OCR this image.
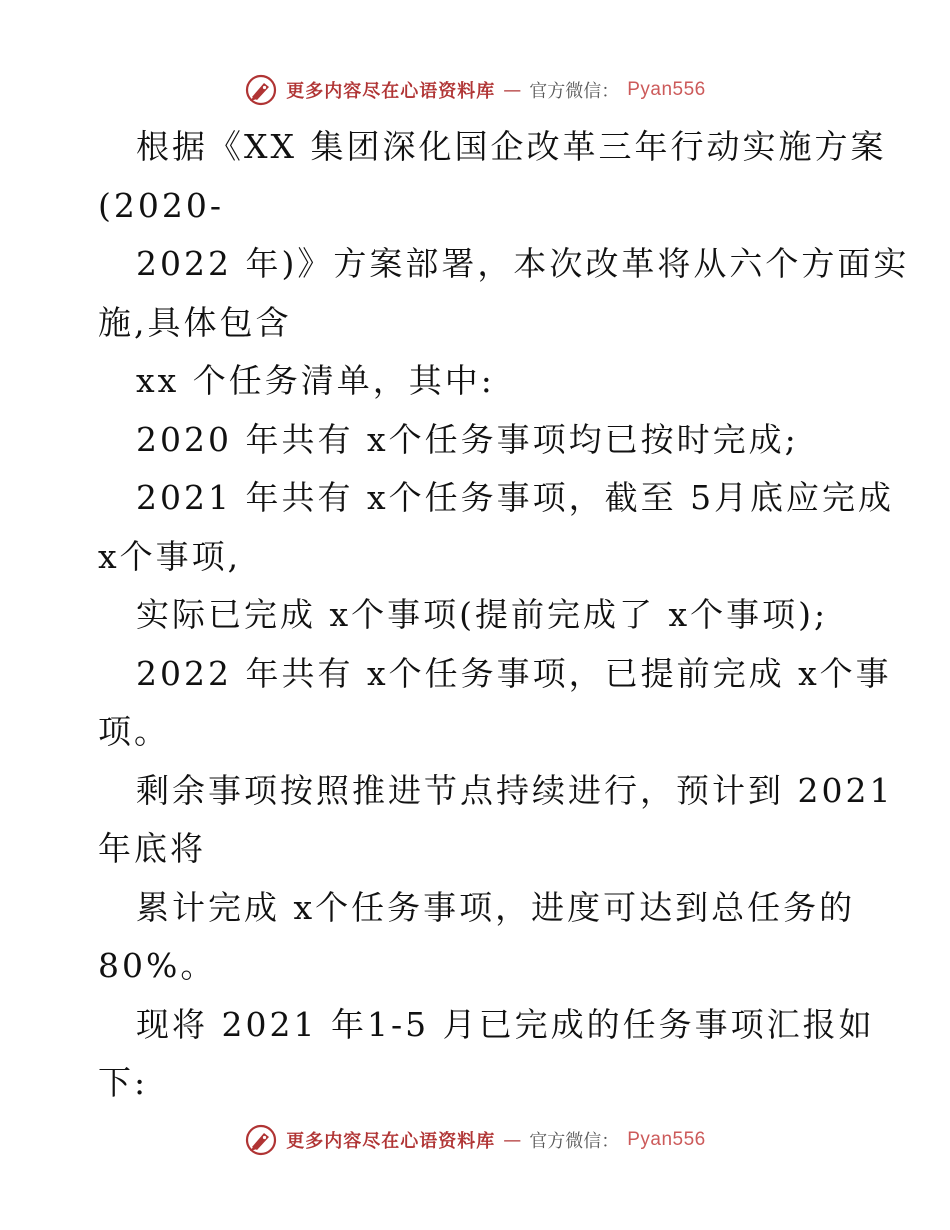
更多内容尽在心语资料库 — 官方微信： Pyan556

根据《XX 集团深化国企改革三年行动实施方案

(2020-

2022 年)》方案部署，本次改革将从六个方面实

施,具体包含

xx 个任务清单，其中:

2020 年共有 x个任务事项均已按时完成;

2021 年共有 x个任务事项，截至 5月底应完成

x个事项,

实际已完成 x个事项(提前完成了 x个事项);

2022 年共有 x个任务事项，已提前完成 x个事

项。

剩余事项按照推进节点持续进行，预计到 2021

年底将

累计完成 x个任务事项，进度可达到总任务的

80%。

现将 2021 年1-5 月已完成的任务事项汇报如

下:

更多内容尽在心语资料库 — 官方微信： Pyan556
